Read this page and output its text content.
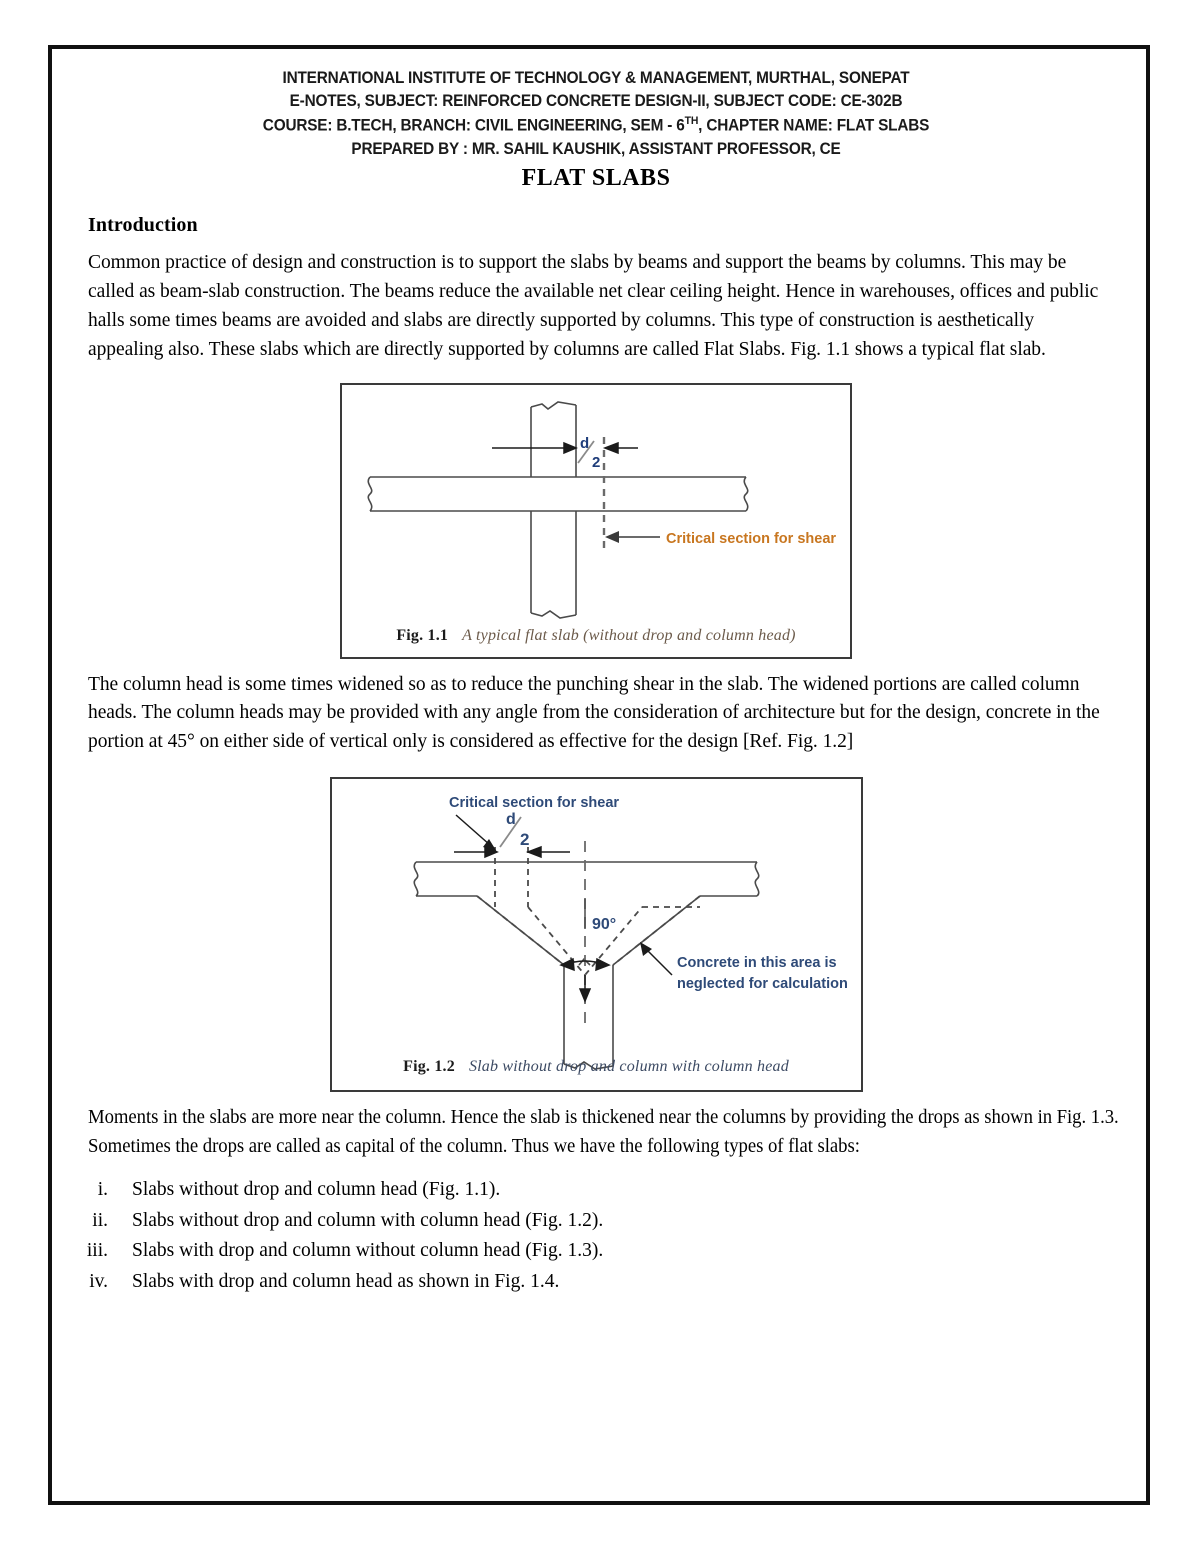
INTERNATIONAL INSTITUTE OF TECHNOLOGY & MANAGEMENT, MURTHAL, SONEPAT
E-NOTES, SUBJECT: REINFORCED CONCRETE DESIGN-II, SUBJECT CODE: CE-302B
COURSE: B.TECH, BRANCH: CIVIL ENGINEERING, SEM - 6TH, CHAPTER NAME: FLAT SLABS
PREPARED BY : MR. SAHIL KAUSHIK, ASSISTANT PROFESSOR, CE
FLAT SLABS
Introduction

Common practice of design and construction is to support the slabs by beams and support the beams by columns. This may be called as beam-slab construction. The beams reduce the available net clear ceiling height. Hence in warehouses, offices and public halls some times beams are avoided and slabs are directly supported by columns. This type of construction is aesthetically appealing also. These slabs which are directly supported by columns are called Flat Slabs. Fig. 1.1 shows a typical flat slab.

d
2
Critical section for shear
Fig. 1.1 A typical flat slab (without drop and column head)

The column head is some times widened so as to reduce the punching shear in the slab. The widened portions are called column heads. The column heads may be provided with any angle from the consideration of architecture but for the design, concrete in the portion at 45° on either side of vertical only is considered as effective for the design [Ref. Fig. 1.2]

d
2
Critical section for shear
90°
Concrete in this area is
neglected for calculation
Fig. 1.2 Slab without drop and column with column head

Moments in the slabs are more near the column. Hence the slab is thickened near the columns by providing the drops as shown in Fig. 1.3. Sometimes the drops are called as capital of the column. Thus we have the following types of flat slabs:

i.	Slabs without drop and column head (Fig. 1.1).
ii.	Slabs without drop and column with column head (Fig. 1.2).
iii.	Slabs with drop and column without column head (Fig. 1.3).
iv.	Slabs with drop and column head as shown in Fig. 1.4.
